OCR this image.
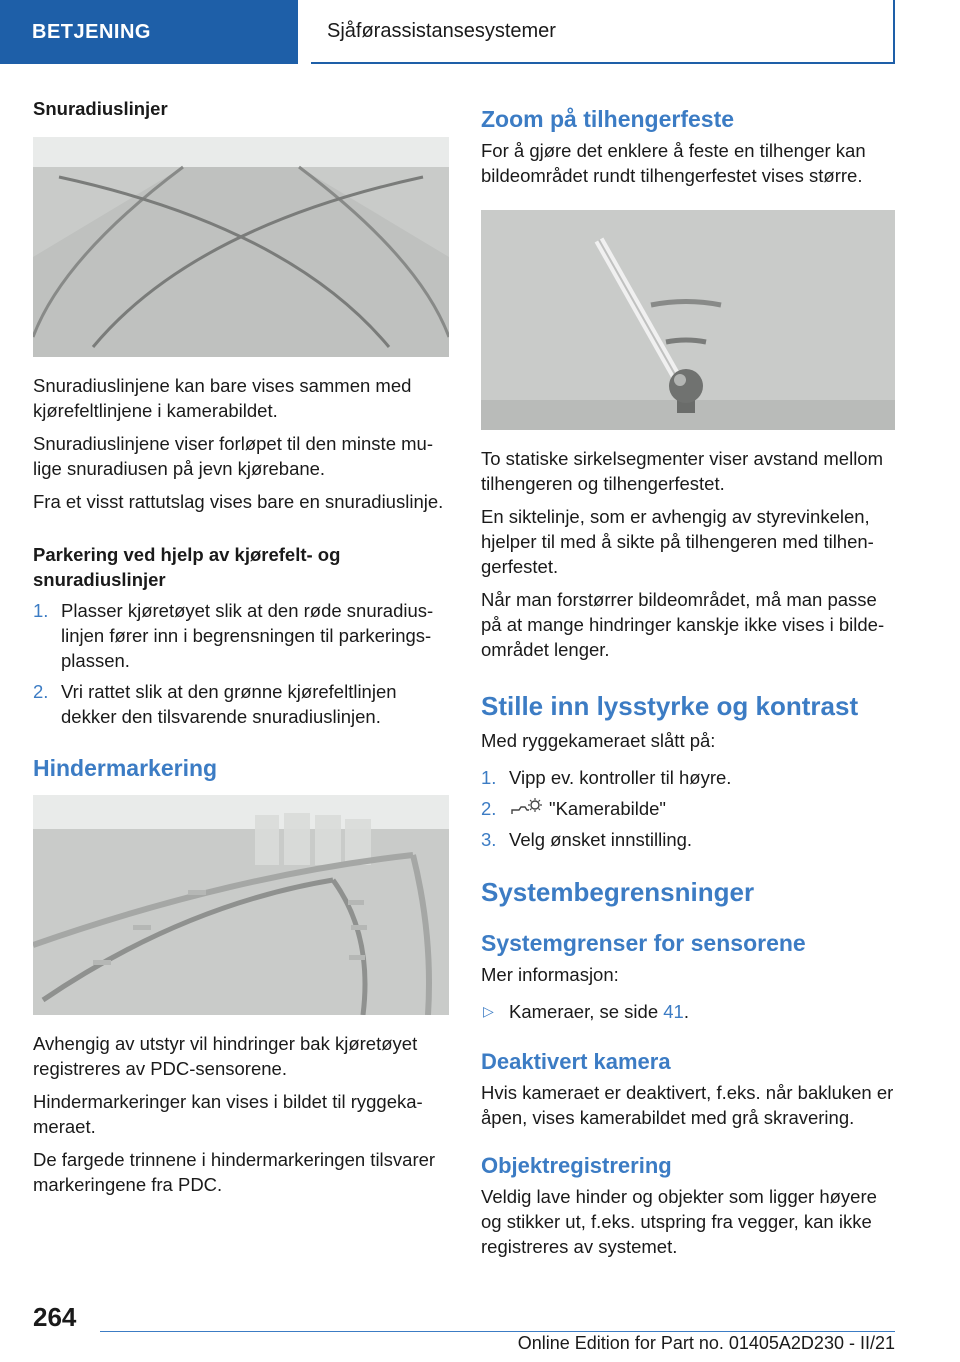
BETJENING	Sjåførassistansesystemer
Snuradiuslinjer

Snuradiuslinjene kan bare vises sammen med kjørefeltlinjene i kamerabildet.

Snuradiuslinjene viser forløpet til den minste mulige snuradiusen på jevn kjørebane.

Fra et visst rattutslag vises bare en snuradiuslinje.

Parkering ved hjelp av kjørefelt- og snuradiuslinjer
1. Plasser kjøretøyet slik at den røde snuradiuslinjen fører inn i begrensningen til parkeringsplassen.
2. Vri rattet slik at den grønne kjørefeltlinjen dekker den tilsvarende snuradiuslinjen.
Hindermarkering

Avhengig av utstyr vil hindringer bak kjøretøyet registreres av PDC-sensorene.

Hindermarkeringer kan vises i bildet til ryggekameraet.

De fargede trinnene i hindermarkeringen tilsvarer markeringene fra PDC.

Zoom på tilhengerfeste

For å gjøre det enklere å feste en tilhenger kan bildeområdet rundt tilhengerfestet vises større.

To statiske sirkelsegmenter viser avstand mellom tilhengeren og tilhengerfestet.

En siktelinje, som er avhengig av styrevinkelen, hjelper til med å sikte på tilhengeren med tilhengerfestet.

Når man forstørrer bildeområdet, må man passe på at mange hindringer kanskje ikke vises i bildeområdet lenger.

Stille inn lysstyrke og kontrast

Med ryggekameraet slått på:

1. Vipp ev. kontroller til høyre.
2.	"Kamerabilde"
3. Velg ønsket innstilling.
Systembegrensninger
Systemgrenser for sensorene

Mer informasjon:

▷ Kameraer, se side 41.
Deaktivert kamera

Hvis kameraet er deaktivert, f.eks. når bakluken er åpen, vises kamerabildet med grå skravering.

Objektregistrering

Veldig lave hinder og objekter som ligger høyere og stikker ut, f.eks. utspring fra vegger, kan ikke registreres av systemet.

264
Online Edition for Part no. 01405A2D230 - II/21
